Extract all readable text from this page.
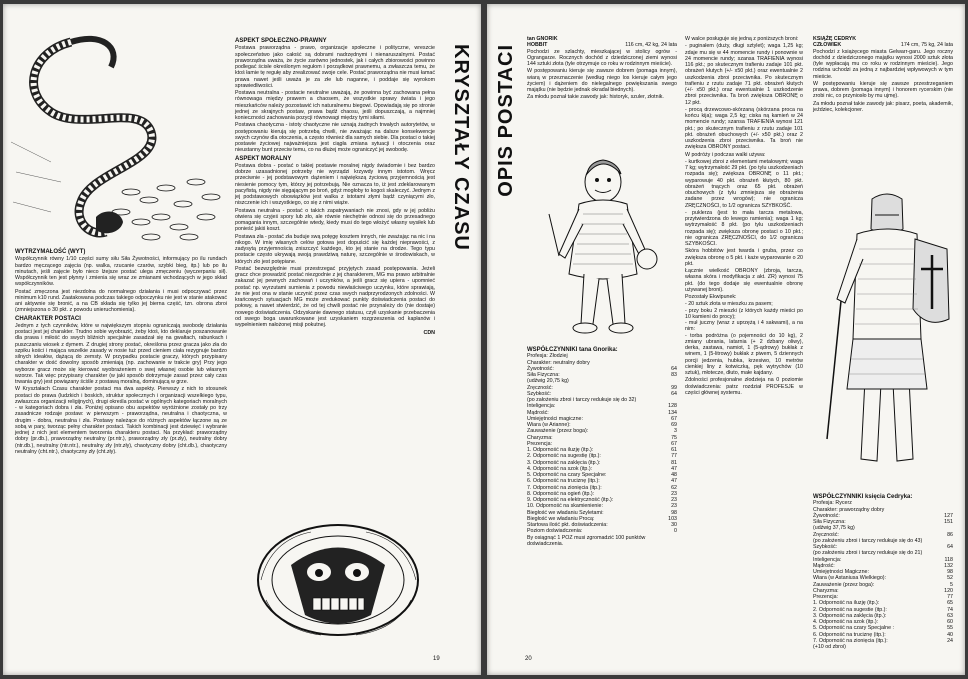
WYTRZYMAŁOŚĆ (WYT)

Współczynnik równy 1/10 części sumy siłu Siła Żywotności, informujący po ilu rundach bardzo męczącego zajęcia (np. walka, rzucanie czarów, szybki bieg, itp.) lub po ilu minutach, jeśli zajęcie było nieco lżejsze postać ulega zmęczeniu (wyczerpaniu sił). Współczynnik ten jest płynny i zmienia się wraz ze zmianami wchodzących w jego skład współczynników.

Postać zmęczona jest niezdolna do normalnego działania i musi odpoczywać przez minimum k10 rund. Zaatakowana podczas takiego odpoczynku nie jest w stanie atakować ani aktywnie się bronić, a na CB składa się tylko jej bierna część, tzn. obrona zbroi (zmniejszona o 30 pkt. z powodu unieruchomienia).

CHARAKTER POSTACI

Jednym z tych czynników, które w największym stopniu ograniczają swobodę działania postaci jest jej charakter. Trudno sobie wyobrazić, żeby ktoś, kto deklaruje poszanowanie dla prawa i miłość do swych bliźnich specjalnie zasadzał się na gwałtach, rabunkach i puszczaniu wiosek z dymem. Z drugiej strony postać, określona przez gracza jako zła do szpiku kości i mająca wszelkie zasady w nosie tuż przed cieniem ciała rezygnuje bardzo silnych ideałów, dążącą do zemsty. W przypadku postacie graczy, których przypisany charakter w dość dowolny sposób zmieniają (np. zachowanie w trakcie gry) Przy jego wyborze gracz może się kierować wyobrażeniem o swej własnej osobie lub własnym wzorze. Tak więc przypisany charakter (w jaki sposób dotrzymuje zasad przez cały czas trwania gry) jest powiązany ściśle z postawą moralną, dominującą w grze.

W Kryształach Czasu charakter postaci ma dwa aspekty. Pierwszy z nich to stosunek postaci do prawa (ludzkich i boskich, struktur społecznych i organizacji wszelkiego typu, zwłaszcza organizacji religijnych), drugi określa postać w ogólnych kategoriach moralnych - w kategoriach dobra i zła. Poniżej opisano obu aspektów wyróżnione zostały po trzy zasadnicze rodzaje postaw: w pierwszym - praworządna, neutralna i chaotyczna, w drugim - dobra, neutralna i zła. Postawy należące do różnych aspektów łączone są ze sobą w pary, tworząc pełny charakter postaci. Takich kombinacji jest dziewięć i wybranie jednej z nich jest elementem tworzenia charakteru postaci. Na przykład: praworządny dobry (pr.db.), praworządny neutralny (pr.ntr.), praworządny zły (pr.zły), neutralny dobry (ntr.db.), neutralny (ntr.ntr.), neutralny zły (ntr.zły), chaotyczny dobry (cht.db.), chaotyczny neutralny (cht.ntr.), chaotyczny zły (cht.zły).

ASPEKT SPOŁECZNO-PRAWNY

Postawa praworządna - prawo, organizacje społeczne i polityczne, wreszcie społeczeństwo jako całość są dobrami nadrzędnymi i nienaruszalnymi. Postać praworządna uważa, że życie zarówno jednostek, jak i całych zbiorowości powinno podlegać ścisłe określonym regułom i porządkowi prawnemu, a zwłaszcza temu, że ktoś łamie tę regułę aby zrealizować swoje cele. Postać praworządna nie musi łamać prawa nawet jeśli uważa je za złe lub naganne, i poddaje się wyrokom sprawiedliwości.

Postawa neutralna - postacie neutralne uważają, że powinna być zachowana pełna równowaga między prawem a chaosem, że wszystkie sprawy świata i jego mieszkańców należy pozostawić ich naturalnemu biegowi. Opowiadają się po stronie jednej ze skrajnych postaw, prawa bądź chaosu, jeśli dopuszczają, a najmniej konieczności zachowania pozycji równowagi między tymi siłami.

Postawa chaotyczna - istoty chaotyczne nie uznają żadnych trwałych autorytetów, w postępowaniu kierują się potrzebą chwili, nie zważając na dalsze konsekwencje swych czynów dla otoczenia, a często również dla samych siebie. Dla postaci o takiej postawie życiowej najważniejsza jest ciągła zmiana sytuacji i otoczenia oraz nieustanny bunt przeciw temu, co na dłużej może ograniczyć jej swobodę.

ASPEKT MORALNY

Postawa dobra - postać o takiej postawie moralnej nigdy świadomie i bez bardzo dobrze uzasadnionej potrzeby nie wyrządzi krzywdy innym istotom. Wręcz przeciwnie - jej podstawowym dążeniem i największą życiową przyjemnością jest niesienie pomocy tym, którzy jej potrzebują. Nie oznacza to, iż jest zdeklarowanym pacyfistą, nigdy nie sięgającym po broń, gdyż mogłoby to kogoś skaleczyć. Jednym z jej podstawowych obowiązków jest walka z istotami złymi bądź czyniącymi zło, niszczenie ich i wszystkiego, co się z nimi wiąże.

Postawa neutralna - postać o takich zapatrywaniach nie znosi, gdy w jej pobliżu otwiera się czyjeś spory lub zło, ale równie niechętnie odnosi się do przesadnego pomagania innym, szczególnie wtedy, kiedy musi do tego włożyć własny wysiłek lub ponieść jakiś koszt.

Postawa zła - postać zła buduje swą potęgę kosztem innych, nie zważając na nic i na nikogo. W imię własnych celów gotowa jest dopuścić się każdej nieprawości, z zadysytą przyjemnością zniszczyć każdego, kto jej stanie na drodze. Tego typu postacie często ukrywają swoją prawdziwą naturę, szczególnie w środowiskach, w których zło jest potępiane.

Postać bezwzględnie musi przestrzegać przyjętych zasad postępowania. Jeżeli gracz chce prowadzić postać niezgodnie z jej charakterem, MG ma prawo arbitralnie zakazać jej pewnych zachowań i uczynków, a jeśli gracz się upiera - upomnieć postać np. wyrzutami sumienia z powodu niewłaściwego uczynku, które sprawiają, że nie jest ona w stanie uczynić przez czas swych nadprzyrodzonych zdolności. W krańcowych sytuacjach MG może zredukować punkty doświadczenia postaci do połowy, a nawet stwierdzić, że od tej chwili postać nie przynależy do (nie dostaje) nowego doświadczenia. Odzyskanie dawnego statusu, czyli uzyskanie przebaczenia od swego boga uwarunkowane jest uzyskaniem rozgrzeszenia od kapłanów i wypełnieniem nałożonej misji pokutnej.

CDN
KRYSZTAŁY CZASU
19
OPIS POSTACI
tan GNORIK
HOBBIT	116 cm, 42 kg, 24 lata

Pochodzi ze szlachty, mieszkającej w stolicy ogrów - Ograngarze. Rocznych dochód z dziedziczonej ziemi wynosi 144 sztuki złota (tyle otrzymuje co roku w rodzinnym mieście).

W postępowaniu kieruje się zawsze dobrem (pomaga innym), wiarą w przeznaczenie (według niego los kieruje całym jego życiem) i dążeniem do nielegalnego powiększania swego majątku (nie będzie jednak okradał biednych).

Za młodu poznał takie zawody jak: historyk, szuler, złotnik.

WSPÓŁCZYNNIKI tana Gnorika:
Profesja: Złodziej
Charakter: neutralny dobry
Żywotność:	64
Siła Fizyczna:	83
(udźwig 20,75 kg)
Zręczność:	99
Szybkość:	64
(po założeniu zbroi i tarczy redukuje się do 32)
Inteligencja:	128
Mądrość:	134
Umiejętności magiczne:	67
Wiara (w Arianne):	69
Zauważenie (przez boga):	3
Charyzma:	75
Prezencja:	67
1. Odporność na iluzję (itp.):	61
2. Odporność na sugestię (itp.):	77
3. Odporność na zaklęcia (itp.):	81
4. Odporność na szok (itp.):	47
5. Odporność na czary Specjalne:	48
6. Odporność na truciznę (itp.):	47
7. Odporność na zionięcia (itp.):	62
8. Odporność na ogień (itp.):	23
9. Odporność na elektryczność (itp.):	23
10. Odporność na skamienienie:	23
Biegłość we władaniu Szyletami:	98
Biegłość we władaniu Procą:	103
Startowa ilość pkt. doświadczenia:	30
Poziom doświadczenia:	0
By osiągnąć 1 POZ musi zgromadzić 100 punktów doświadczenia.

W walce posługuje się jedną z poniższych broni:

- puginałem (duży, długi sztylet); waga 1,25 kg; zdaje mu się w 44 momencie rundy i ponownie w 24 momencie rundy; szansa TRAFIENIA wynosi 116 pkt.; po skutecznym trafieniu zadaje 101 pkt. obrażeń kłutych (+/- x50 pkt.) oraz ewentualnie 2 uszkodzenia zbroi przeciwnika. Po skutecznym trafieniu z rzutu zadaje 71 pkt. obrażeń kłutych (+/- x50 pkt.) oraz ewentualnie 1 uszkodzenie zbroi przeciwnika. Ta broń zwiększa OBRONĘ o 12 pkt.

- procą drzewcowo-skórzaną (skórzana proca na końcu kija); waga 2,5 kg; ciska ną kamień w 24 momencie rundy; szansa TRAFIENIA wynosi 121 pkt.; po skutecznym trafieniu z rzutu zadaje 101 pkt. obrażeń obuchowych (+/- x50 pkt.) oraz 2 uszkodzenia zbroi przeciwnika. Ta broń nie zwiększa OBRONY postaci.

W podróży i podczas walki używa:

- kurtkowej zbroi z elementami metalowymi; waga 7 kg; wytrzymałość 29 pkt. (po tylu uszkodzeniach rozpada się); zwiększa OBRONĘ o 11 pkt.; wyparowuje 40 pkt. obrażeń kłutych, 80 pkt. obrażeń tnących oraz 65 pkt. obrażeń obuchowych (z tylu zmniejsza się obrażenia zadane przez wrogów); nie ogranicza ZRĘCZNOŚCI, to 1/2 ogranicza SZYBKOŚĆ.

- puklerza (jest to mała tarcza metalowa, przytwierdzona do lewego ramienia); waga 1 kg; wytrzymałość 8 pkt. (po tylu uszkodzeniach rozpada się); zwiększa obronę postaci o 10 pkt.; nie ogranicza ZRĘCZNOŚCI, do 1/2 ogranicza SZYBKOŚCI.

Skóra hobbitów jest twarda i gruba, przez co zwiększa obronę o 5 pkt. i każe wyparowanie o 20 pkt.

Łącznie wielkość OBRONY (zbroja, tarcza, własna skóra i modyfikacja z akt. ZR) wynosi 75 pkt. (do tego dodaje się ewentualnie obronę używanej broni).

Pozostały Ekwipunek:

- 20 sztuk złota w mieszku za pasem;
- przy boku 2 mieszki (z których każdy mieści po 10 kamieni do procy);
- muł juczny (wraz z uprzężą i 4 sakwami), a na nim:
- torba podróżna (o pojemności do 10 kg), 2 zmiany ubrania, latarnia (+ 2 dzbany oliwy), derka, zastawa, namiot, 1 (5-ądrowy) bukłak z winem, 1 (5-litrowy) bukłak z piwem, 5 dziennych porcji jedzenia, hubka, krzesiwo, 10 metrów cienkiej liny z kotwiczką, pęk wytrychów (10 sztuk), młotecze, dłuto, małe kajdany.

Zdolności profesjonalne złodzieja na 0 poziomie doświadczenia: patrz rozdział PROFESJE w części głównej systemu.

KSIĄŻĘ CEDRYK
CZŁOWIEK	174 cm, 75 kg, 24 lata

Pochodzi z książęcego miasta Gelwarr-garu. Jego roczny dochód z dziedziczonego majątku wynosi 2000 sztuk złota (tyle wypłacają mu co roku w rodzinnym mieście). Jego rodzina uchodzi za jedną z najbardziej wpływowych w tym mieście.

W postępowaniu kieruje się zawsze przestrzeganiem prawa, dobrem (pomaga innym) i honorem rycerskim (nie zrobi nic, co przyniosło by mu ujmę).

Za młodu poznał takie zawody jak: pisarz, poeta, akademik, jeździec, kolekcjoner.

WSPÓŁCZYNNIKI księcia Cedryka:
Profesja: Rycerz
Charakter: praworządny dobry
Żywotność:	127
Siła Fizyczna:	151
(udźwig 37,75 kg)
Zręczność:	86
(po założeniu zbroi i tarczy redukuje się do 43)
Szybkość:	64
(po założeniu zbroi i tarczy redukuje się do 21)
Inteligencja:	118
Mądrość:	132
Umiejętności Magiczne:	98
Wiara (w Astaniusa Wielkiego):	52
Zauważenie (przez boga):	5
Charyzma:	120
Prezencja:	77
1. Odporność na iluzję (itp.):	65
2. Odporność na sugestie (itp.):	74
3. Odporność na zaklęcia (itp.):	63
4. Odporność na szok (itp.):	60
5. Odporność na czary Specjalne :	55
6. Odporność na truciznę (itp.):	40
7. Odporność na zionięcia (itp.):	24
(+10 od zbroi)
20
